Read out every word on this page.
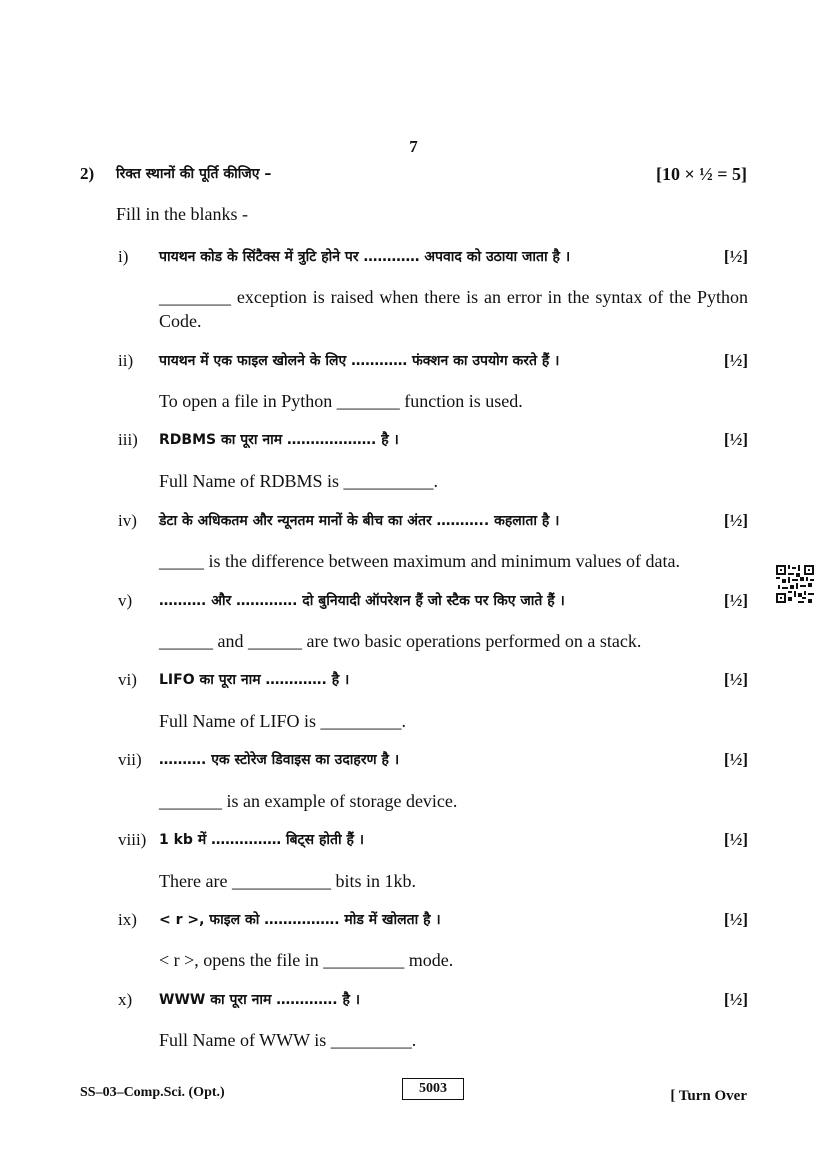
7
2) रिक्त स्थानों की पूर्ति कीजिए –	[10 × ½ = 5]
Fill in the blanks -
i) पायथन कोड के सिंटैक्स में त्रुटि होने पर ………… अपवाद को उठाया जाता है ।	[½]
________ exception is raised when there is an error in the syntax of the Python Code.
ii) पायथन में एक फाइल खोलने के लिए ………… फंक्शन का उपयोग करते हैं ।	[½]
To open a file in Python _______ function is used.
iii) RDBMS का पूरा नाम ………………. है ।	[½]
Full Name of RDBMS is __________.
iv) डेटा के अधिकतम और न्यूनतम मानों के बीच का अंतर ……….. कहलाता है ।	[½]
_____ is the difference between maximum and minimum values of data.
v) ………. और …………. दो बुनियादी ऑपरेशन हैं जो स्टैक पर किए जाते हैं ।	[½]
______ and ______ are two basic operations performed on a stack.
vi) LIFO का पूरा नाम …………. है ।	[½]
Full Name of LIFO is _________.
vii) ………. एक स्टोरेज डिवाइस का उदाहरण है ।	[½]
_______ is an example of storage device.
viii) 1 kb में …………… बिट्स होती हैं ।	[½]
There are ___________ bits in 1kb.
ix) < r >, फाइल को ……………. मोड में खोलता है ।	[½]
< r >, opens the file in _________ mode.
x) WWW का पूरा नाम …………. है ।	[½]
Full Name of WWW is _________.
SS–03–Comp.Sci. (Opt.)	5003	[ Turn Over
